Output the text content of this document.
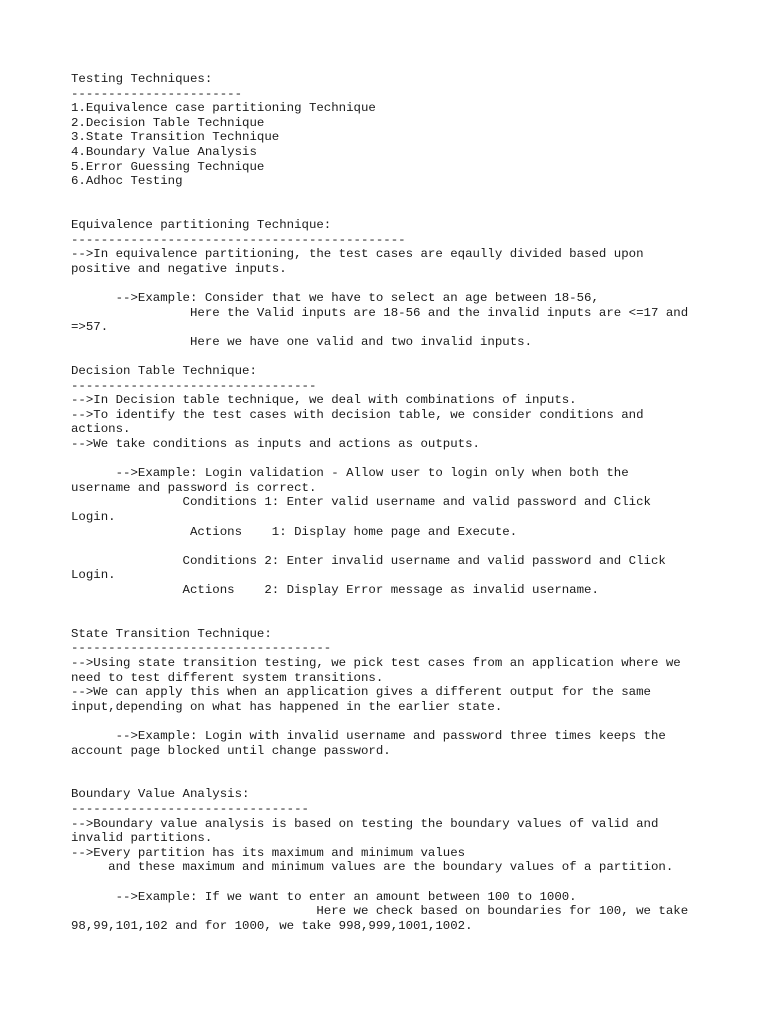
Testing Techniques:

-----------------------

1.Equivalence case partitioning Technique

2.Decision Table Technique

3.State Transition Technique

4.Boundary Value Analysis

5.Error Guessing Technique

6.Adhoc Testing

Equivalence partitioning Technique:

---------------------------------------------

-->In equivalence partitioning, the test cases are eqaully divided based upon

positive and negative inputs.

-->Example: Consider that we have to select an age between 18-56,

Here the Valid inputs are 18-56 and the invalid inputs are <=17 and

=>57.

Here we have one valid and two invalid inputs.

Decision Table Technique:

---------------------------------

-->In Decision table technique, we deal with combinations of inputs.

-->To identify the test cases with decision table, we consider conditions and

actions.

-->We take conditions as inputs and actions as outputs.

-->Example: Login validation - Allow user to login only when both the

username and password is correct.

Conditions 1: Enter valid username and valid password and Click

Login.

Actions    1: Display home page and Execute.

Conditions 2: Enter invalid username and valid password and Click

Login.

Actions    2: Display Error message as invalid username.

State Transition Technique:

-----------------------------------

-->Using state transition testing, we pick test cases from an application where we

need to test different system transitions.

-->We can apply this when an application gives a different output for the same

input,depending on what has happened in the earlier state.

-->Example: Login with invalid username and password three times keeps the

account page blocked until change password.

Boundary Value Analysis:

--------------------------------

-->Boundary value analysis is based on testing the boundary values of valid and

invalid partitions.

-->Every partition has its maximum and minimum values

and these maximum and minimum values are the boundary values of a partition.

-->Example: If we want to enter an amount between 100 to 1000.

Here we check based on boundaries for 100, we take

98,99,101,102 and for 1000, we take 998,999,1001,1002.
